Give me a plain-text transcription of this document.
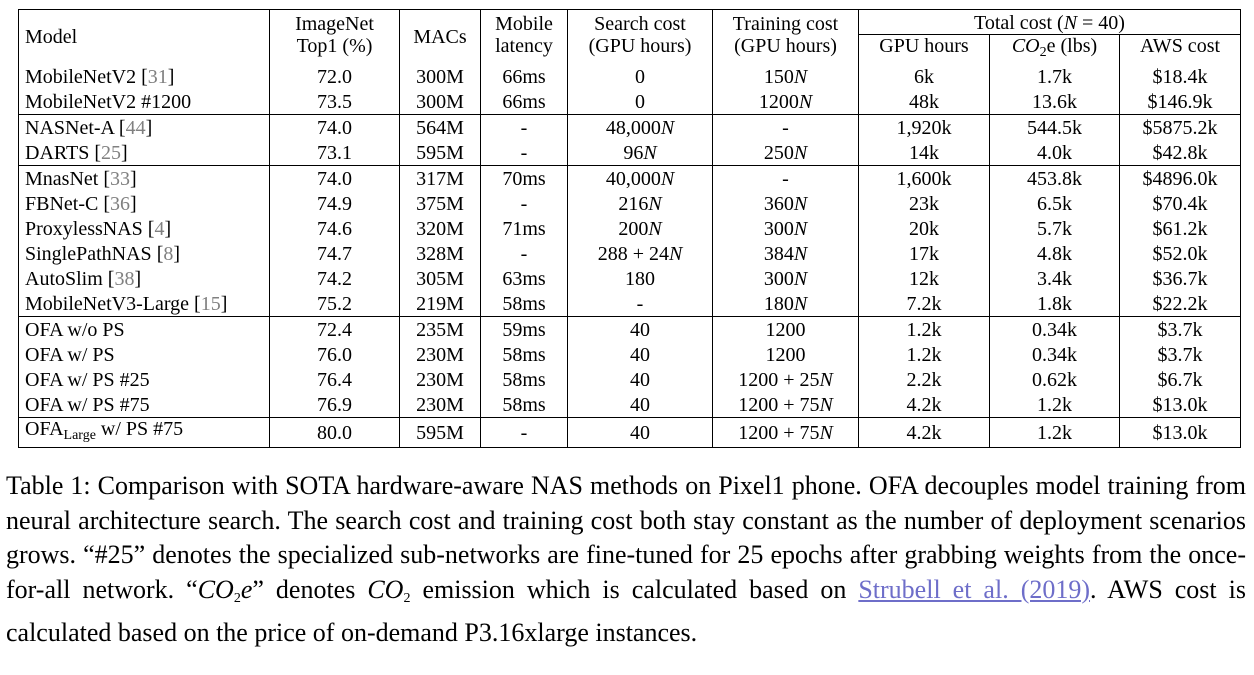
Model	ImageNet	MACs	Mobile	Search cost	Training cost	Total cost (N = 40)		
	Top1 (%)		latency	(GPU hours)	(GPU hours)	GPU hours	$CO_2e$ (lbs)	AWS cost
MobileNetV2 [31]	72.0	300M	66ms	0	150N	6k	1.7k	$18.4k
MobileNetV2 #1200	73.5	300M	66ms	0	1200N	48k	13.6k	$146.9k
NASNet-A [44]	74.0	564M	-	48,000N	-	1,920k	544.5k	$5875.2k
DARTS [25]	73.1	595M	-	96N	250N	14k	4.0k	$42.8k
MnasNet [33]	74.0	317M	70ms	40,000N	-	1,600k	453.8k	$4896.0k
FBNet-C [36]	74.9	375M	-	216N	360N	23k	6.5k	$70.4k
ProxylessNAS [4]	74.6	320M	71ms	200N	300N	20k	5.7k	$61.2k
SinglePathNAS [8]	74.7	328M	-	288 + 24N	384N	17k	4.8k	$52.0k
AutoSlim [38]	74.2	305M	63ms	180	300N	12k	3.4k	$36.7k
MobileNetV3-Large [15]	75.2	219M	58ms	-	180N	7.2k	1.8k	$22.2k
OFA w/o PS	72.4	235M	59ms	40	1200	1.2k	0.34k	$3.7k
OFA w/ PS	76.0	230M	58ms	40	1200	1.2k	0.34k	$3.7k
OFA w/ PS #25	76.4	230M	58ms	40	1200 + 25N	2.2k	0.62k	$6.7k
OFA w/ PS #75	76.9	230M	58ms	40	1200 + 75N	4.2k	1.2k	$13.0k
$OFA_{Large}$ w/ PS #75	80.0	595M	-	40	1200 + 75N	4.2k	1.2k	$13.0k

Table 1: Comparison with SOTA hardware-aware NAS methods on Pixel1 phone. OFA decouples model training from neural architecture search. The search cost and training cost both stay constant as the number of deployment scenarios grows. “#25” denotes the specialized sub-networks are fine-tuned for 25 epochs after grabbing weights from the once-for-all network. “$CO_2e$” denotes $CO_2$ emission which is calculated based on Strubell et al. (2019). AWS cost is calculated based on the price of on-demand P3.16xlarge instances.
